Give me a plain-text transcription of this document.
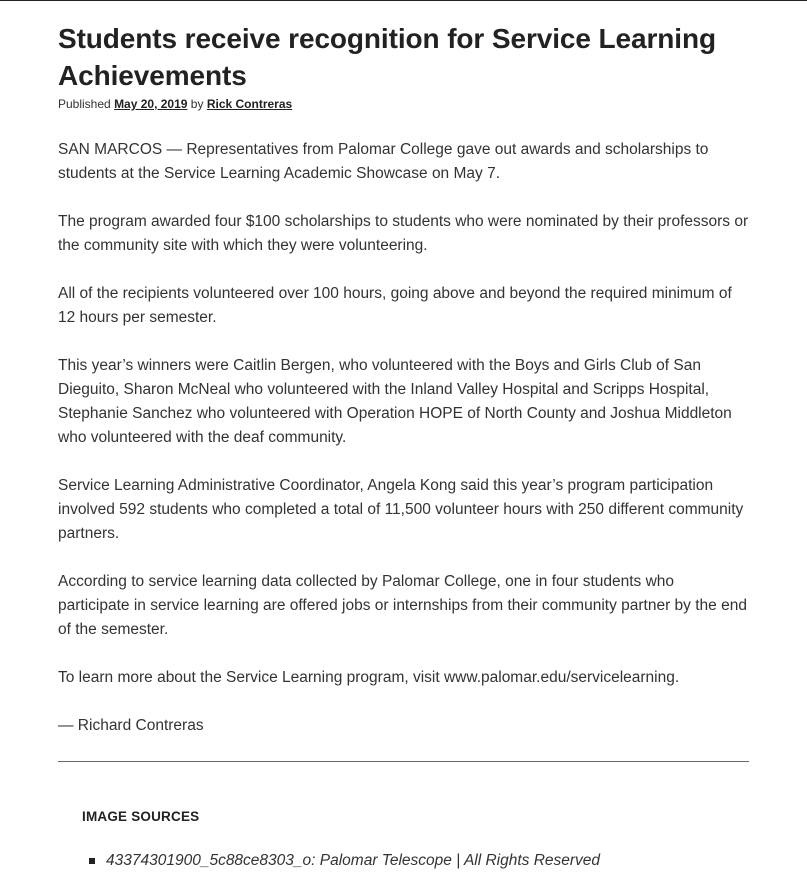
Students receive recognition for Service Learning Achievements
Published May 20, 2019 by Rick Contreras

SAN MARCOS — Representatives from Palomar College gave out awards and scholarships to students at the Service Learning Academic Showcase on May 7.

The program awarded four $100 scholarships to students who were nominated by their professors or the community site with which they were volunteering.

All of the recipients volunteered over 100 hours, going above and beyond the required minimum of 12 hours per semester.

This year’s winners were Caitlin Bergen, who volunteered with the Boys and Girls Club of San Dieguito, Sharon McNeal who volunteered with the Inland Valley Hospital and Scripps Hospital, Stephanie Sanchez who volunteered with Operation HOPE of North County and Joshua Middleton who volunteered with the deaf community.

Service Learning Administrative Coordinator, Angela Kong said this year’s program participation involved 592 students who completed a total of 11,500 volunteer hours with 250 different community partners.

According to service learning data collected by Palomar College, one in four students who participate in service learning are offered jobs or internships from their community partner by the end of the semester.

To learn more about the Service Learning program, visit www.palomar.edu/servicelearning.

— Richard Contreras

IMAGE SOURCES
43374301900_5c88ce8303_o: Palomar Telescope | All Rights Reserved
